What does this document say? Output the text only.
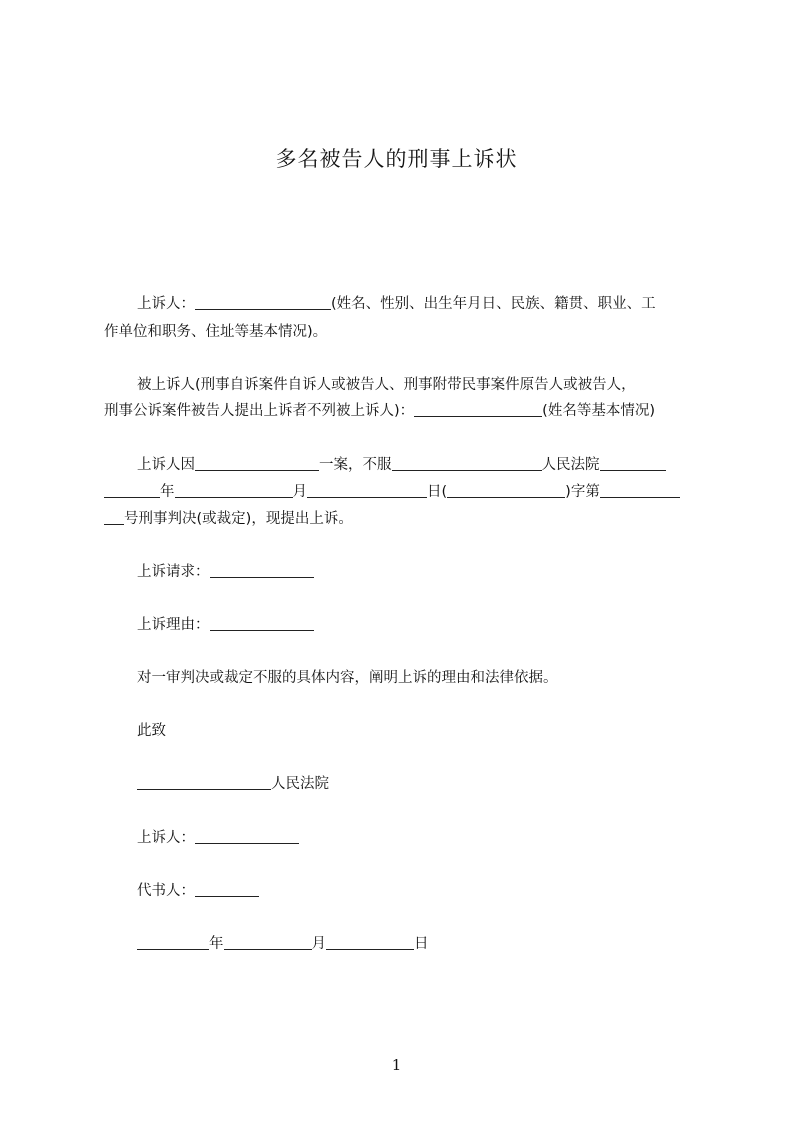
多名被告人的刑事上诉状
上诉人：	(姓名、性别、出生年月日、民族、籍贯、职业、工
作单位和职务、住址等基本情况)。
被上诉人(刑事自诉案件自诉人或被告人、刑事附带民事案件原告人或被告人，
刑事公诉案件被告人提出上诉者不列被上诉人)：	(姓名等基本情况)
上诉人因	一案，不服	人民法院
年	月	日(	)字第
号刑事判决(或裁定)，现提出上诉。
上诉请求：
上诉理由：
对一审判决或裁定不服的具体内容，阐明上诉的理由和法律依据。
此致
人民法院
上诉人：
代书人：
年	月	日
1
